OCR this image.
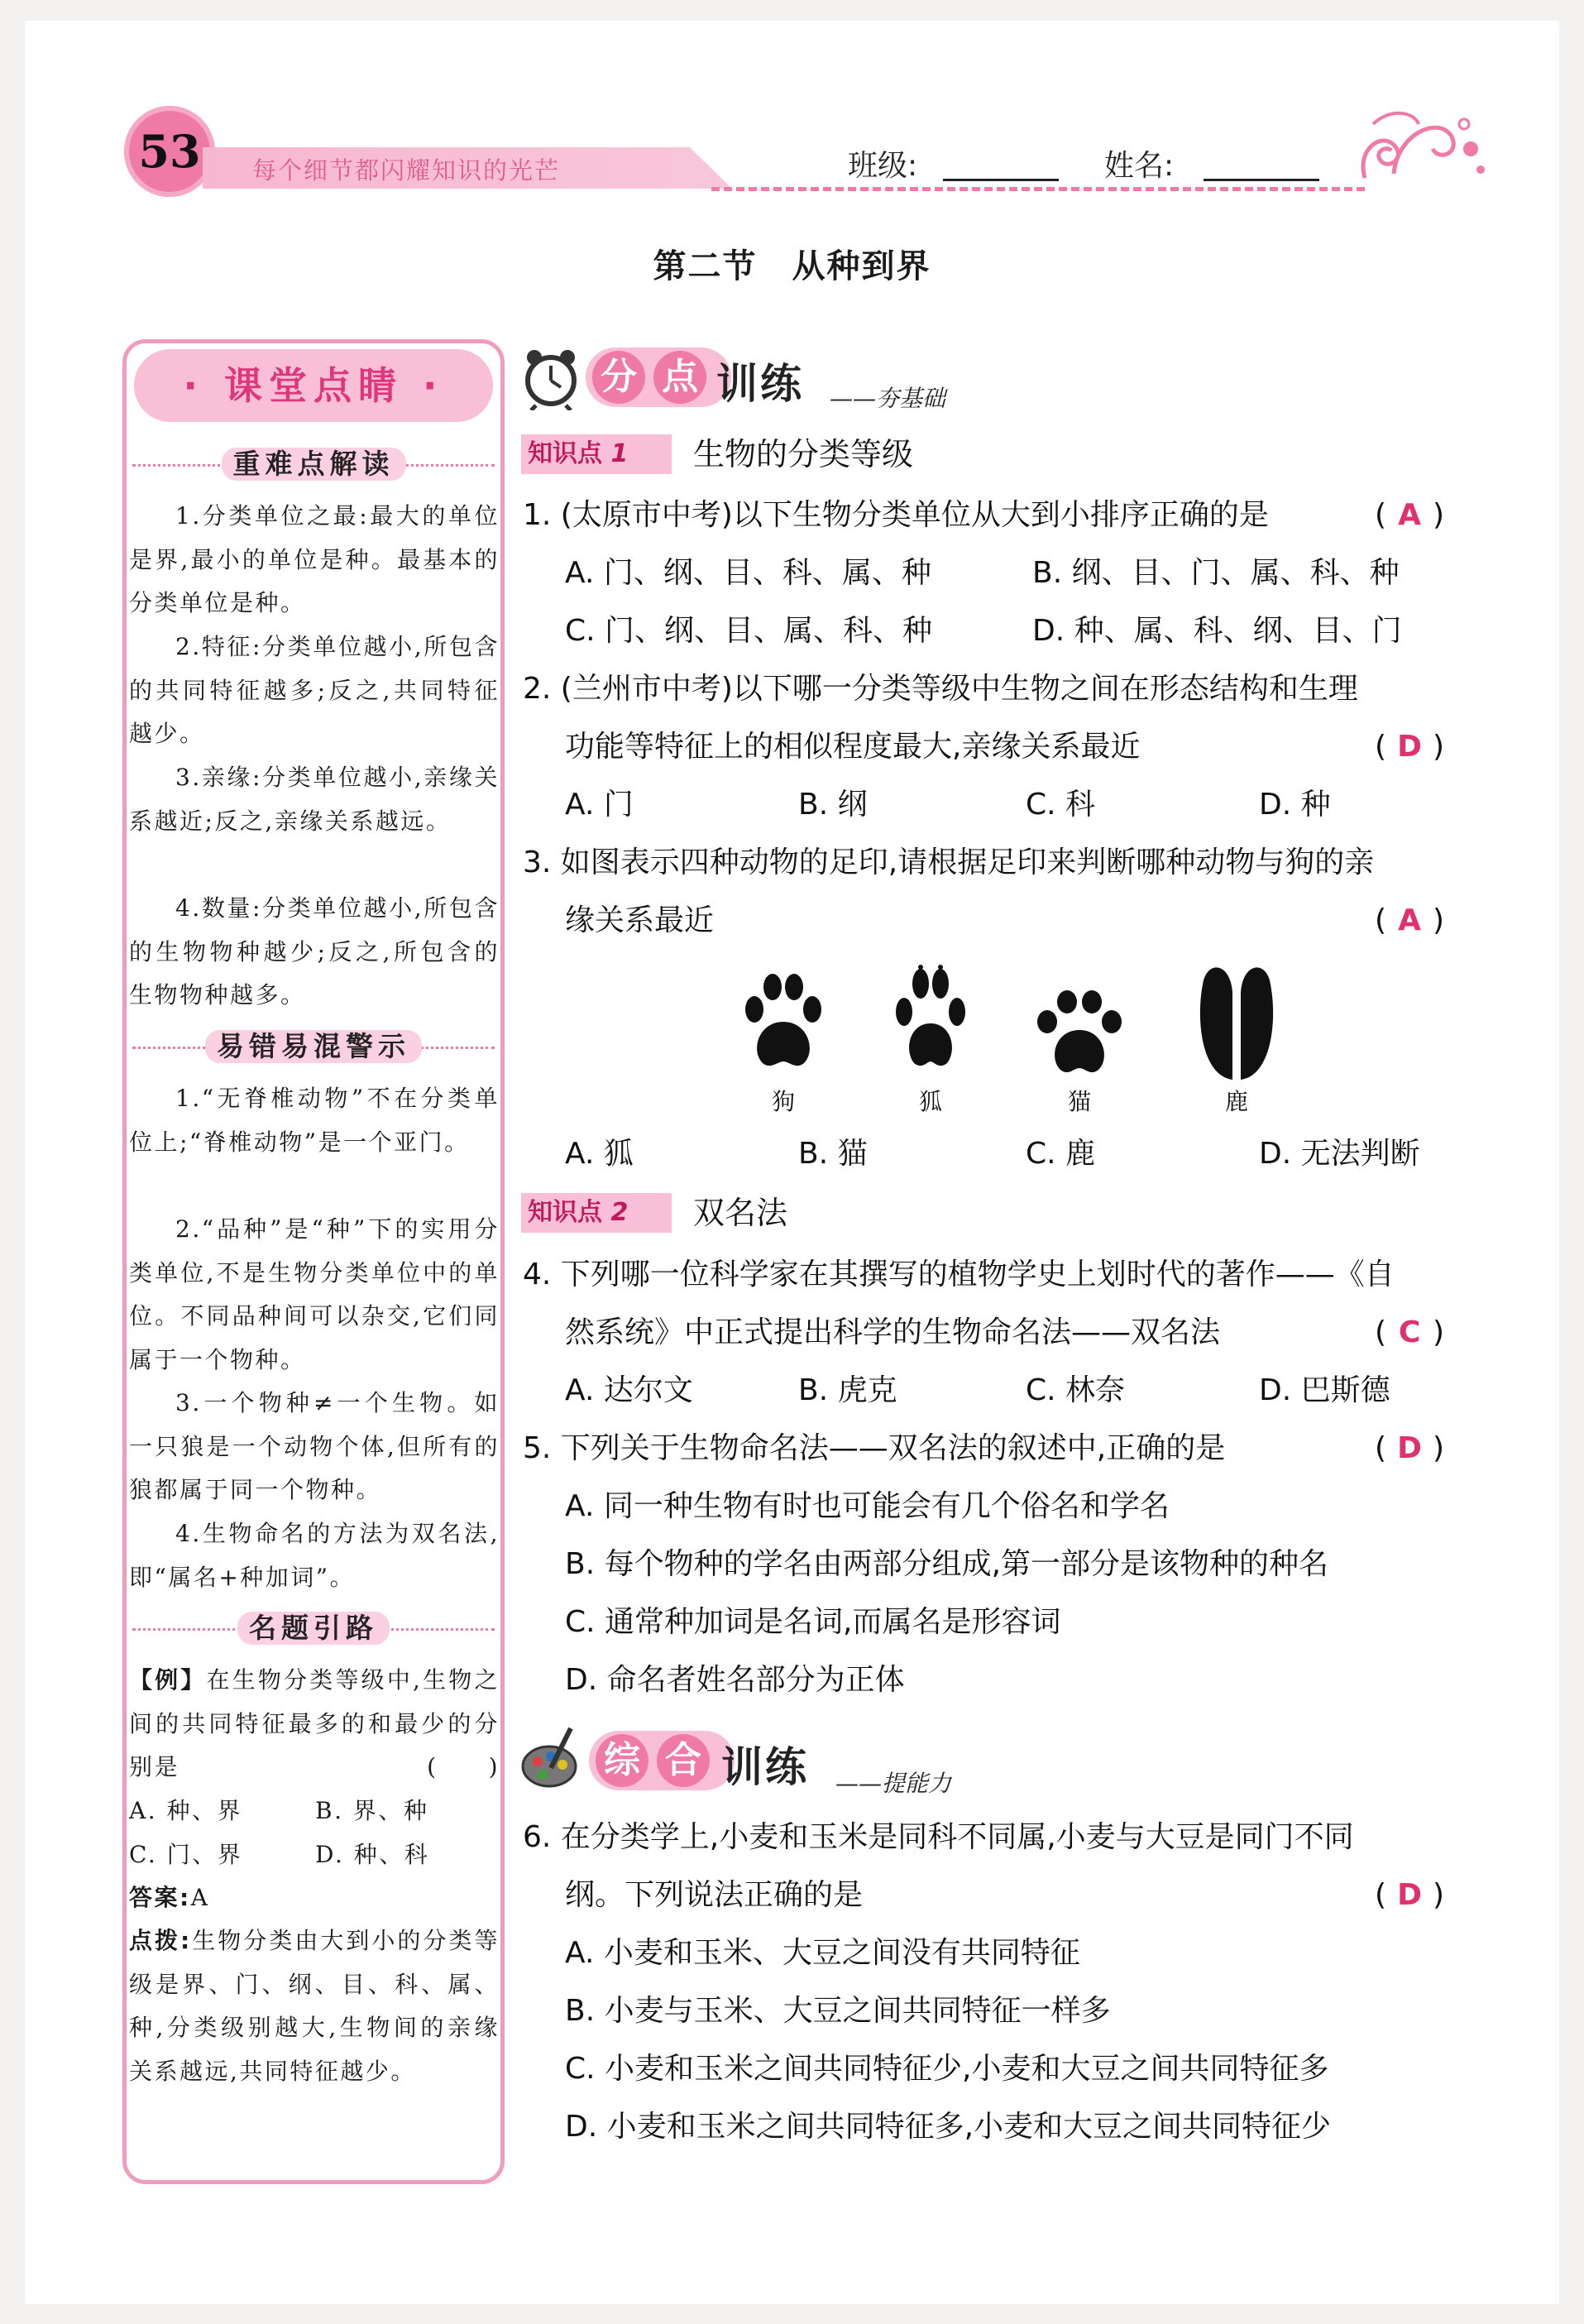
53	每个细节都闪耀知识的光芒	班级:	姓名:
第二节　从种到界
· 课堂点睛 ·
重难点解读
1.分类单位之最:最大的单位是界,最小的单位是种。最基本的分类单位是种。
2.特征:分类单位越小,所包含的共同特征越多;反之,共同特征越少。
3.亲缘:分类单位越小,亲缘关系越近;反之,亲缘关系越远。
4.数量:分类单位越小,所包含的生物物种越少;反之,所包含的生物物种越多。
易错易混警示
1.“无脊椎动物”不在分类单位上;“脊椎动物”是一个亚门。
2.“品种”是“种”下的实用分类单位,不是生物分类单位中的单位。不同品种间可以杂交,它们同属于一个物种。
3.一个物种≠一个生物。如一只狼是一个动物个体,但所有的狼都属于同一个物种。
4.生物命名的方法为双名法,即“属名+种加词”。
名题引路
【例】在生物分类等级中,生物之间的共同特征最多的和最少的分别是	(　　)
A. 种、界	B. 界、种
C. 门、界	D. 种、科
答案:A
点拨:生物分类由大到小的分类等级是界、门、纲、目、科、属、种,分类级别越大,生物间的亲缘关系越远,共同特征越少。
分 点 训练 ——夯基础
知识点 1	生物的分类等级
1. (太原市中考)以下生物分类单位从大到小排序正确的是	( A )
A. 门、纲、目、科、属、种	B. 纲、目、门、属、科、种
C. 门、纲、目、属、科、种	D. 种、属、科、纲、目、门
2. (兰州市中考)以下哪一分类等级中生物之间在形态结构和生理
功能等特征上的相似程度最大,亲缘关系最近	( D )
A. 门	B. 纲	C. 科	D. 种
3. 如图表示四种动物的足印,请根据足印来判断哪种动物与狗的亲
缘关系最近	( A )
狗	狐	猫	鹿
A. 狐	B. 猫	C. 鹿	D. 无法判断
知识点 2	双名法
4. 下列哪一位科学家在其撰写的植物学史上划时代的著作——《自
然系统》中正式提出科学的生物命名法——双名法	( C )
A. 达尔文	B. 虎克	C. 林奈	D. 巴斯德
5. 下列关于生物命名法——双名法的叙述中,正确的是	( D )
A. 同一种生物有时也可能会有几个俗名和学名
B. 每个物种的学名由两部分组成,第一部分是该物种的种名
C. 通常种加词是名词,而属名是形容词
D. 命名者姓名部分为正体
综 合 训练 ——提能力
6. 在分类学上,小麦和玉米是同科不同属,小麦与大豆是同门不同
纲。下列说法正确的是	( D )
A. 小麦和玉米、大豆之间没有共同特征
B. 小麦与玉米、大豆之间共同特征一样多
C. 小麦和玉米之间共同特征少,小麦和大豆之间共同特征多
D. 小麦和玉米之间共同特征多,小麦和大豆之间共同特征少
